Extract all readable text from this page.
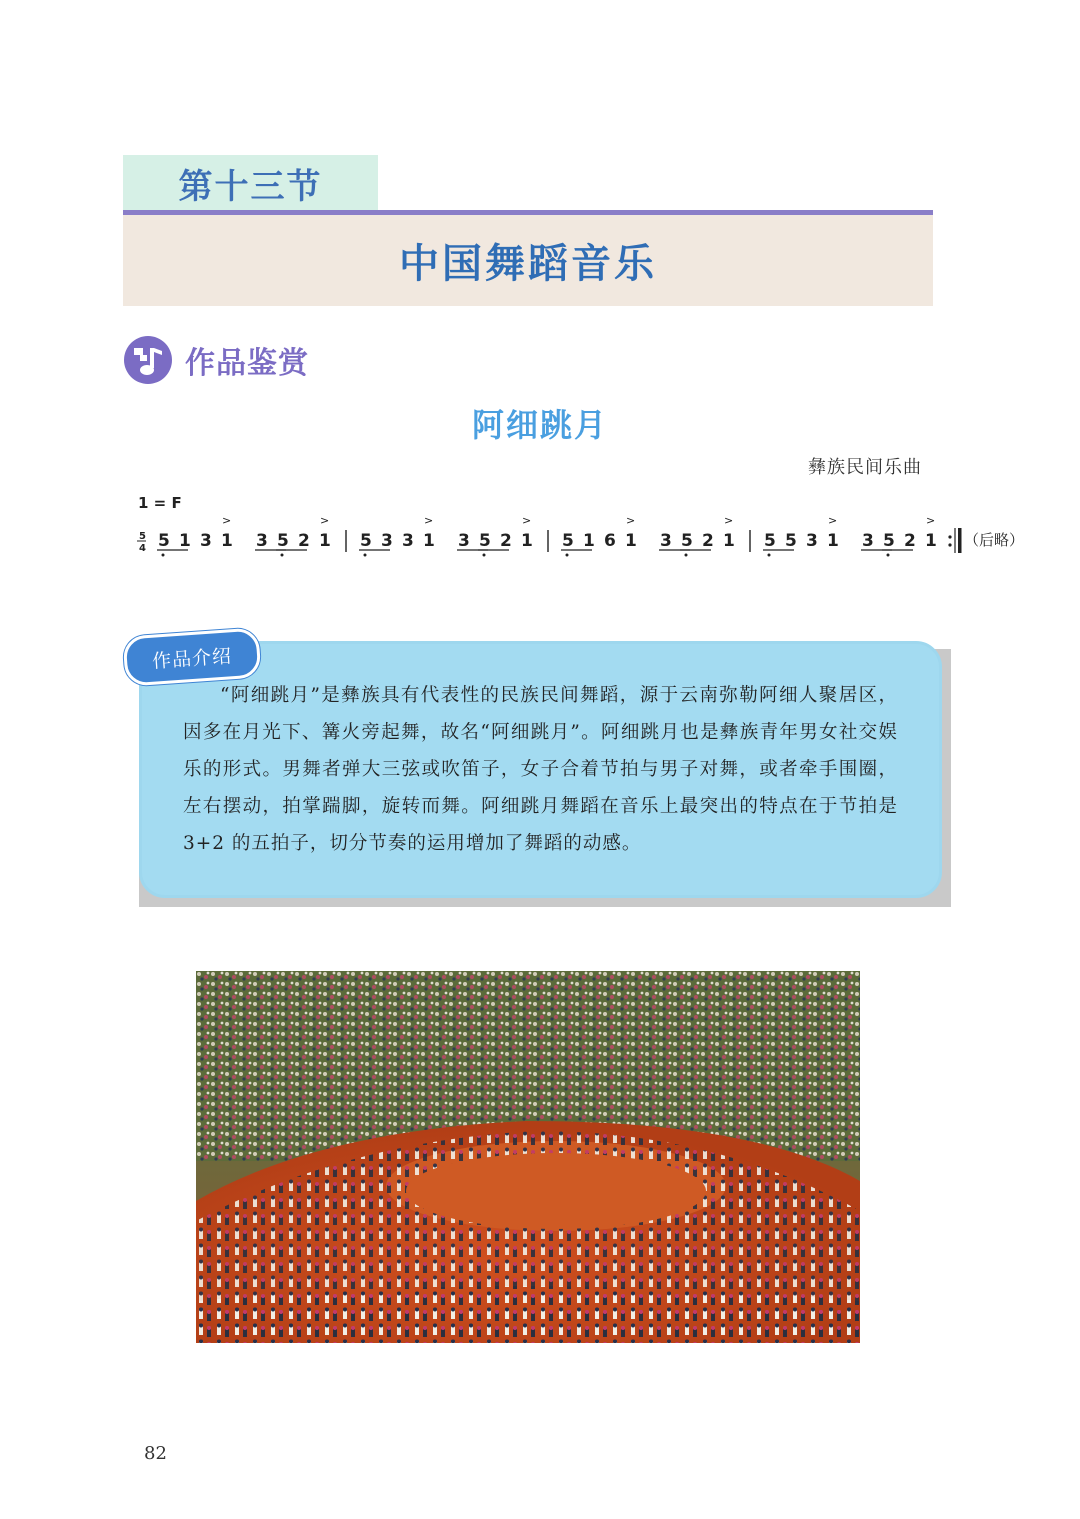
第十三节
中国舞蹈音乐
作品鉴赏
阿细跳月
彝族民间乐曲
1 = F
5
4 5 1 3 1
>
3 5 2 1
>
5 3 3 1
>
3 5 2 1
>
5 1 6 1
>
3 5 2 1
>
5 5 3 1
>
3 5 2 1
>
（后略）
作品介绍
“阿细跳月”是彝族具有代表性的民族民间舞蹈，源于云南弥勒阿细人聚居区，因多在月光下、篝火旁起舞，故名“阿细跳月”。阿细跳月也是彝族青年男女社交娱乐的形式。男舞者弹大三弦或吹笛子，女子合着节拍与男子对舞，或者牵手围圈，左右摆动，拍掌踹脚，旋转而舞。阿细跳月舞蹈在音乐上最突出的特点在于节拍是 3+2 的五拍子，切分节奏的运用增加了舞蹈的动感。
82
